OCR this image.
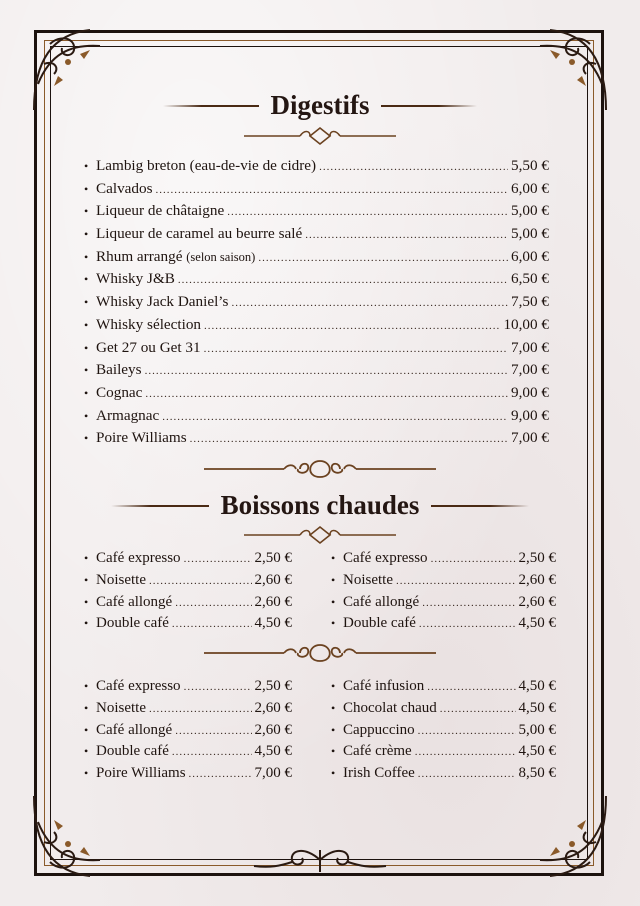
Digestifs
• Lambig breton (eau-de-vie de cidre) .....	5,50 €
• Calvados .....	6,00 €
• Liqueur de châtaigne .....	5,00 €
• Liqueur de caramel au beurre salé .....	5,00 €
• Rhum arrangé (selon saison) .....	6,00 €
• Whisky J&B .....	6,50 €
• Whisky Jack Daniel’s .....	7,50 €
• Whisky sélection .....	10,00 €
• Get 27 ou Get 31 .....	7,00 €
• Baileys .....	7,00 €
• Cognac .....	9,00 €
• Armagnac .....	9,00 €
• Poire Williams .....	7,00 €
Boissons chaudes
• Café expresso .....	2,50 €
• Noisette .....	2,60 €
• Café allongé .....	2,60 €
• Double café .....	4,50 €
• Café expresso .....	2,50 €
• Noisette .....	2,60 €
• Café allongé .....	2,60 €
• Double café .....	4,50 €
• Café expresso .....	2,50 €
• Noisette .....	2,60 €
• Café allongé .....	2,60 €
• Double café .....	4,50 €
• Poire Williams .....	7,00 €
• Café infusion .....	4,50 €
• Chocolat chaud .....	4,50 €
• Cappuccino .....	5,00 €
• Café crème .....	4,50 €
• Irish Coffee .....	8,50 €
